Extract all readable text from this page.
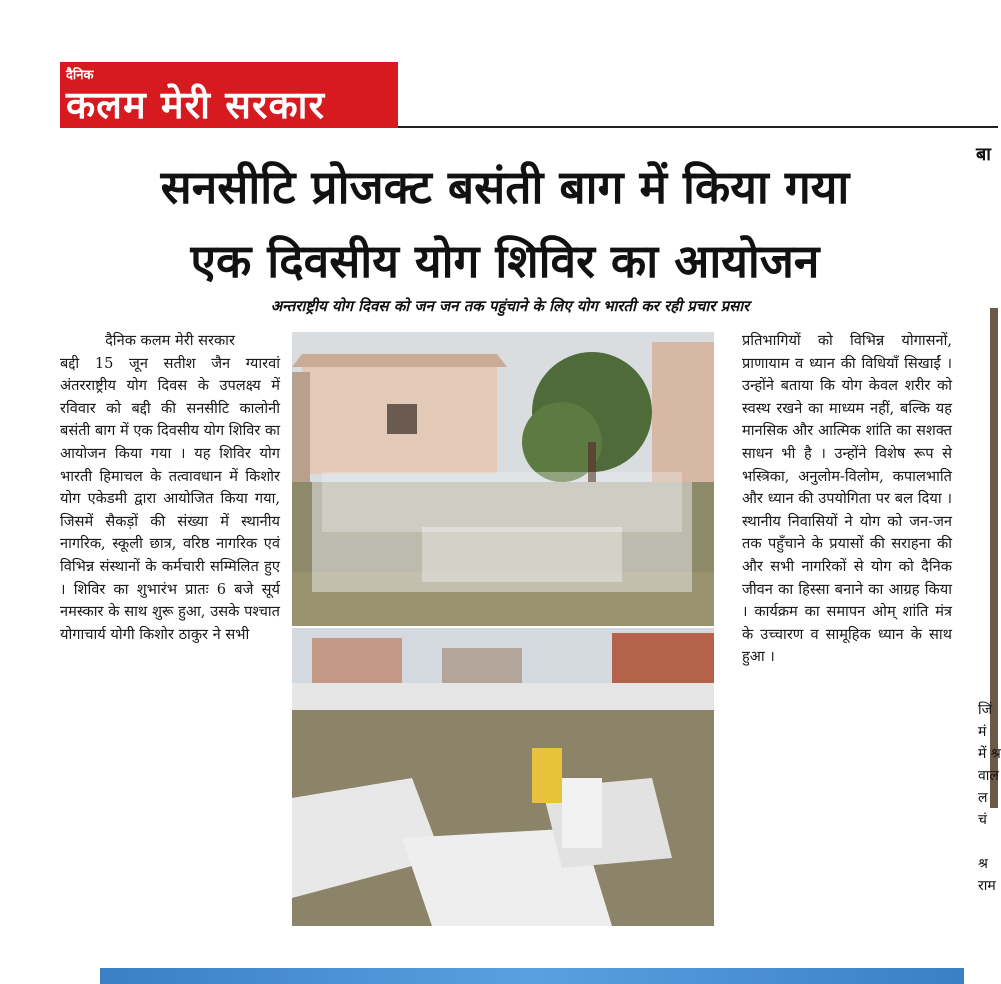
दैनिक
कलम मेरी सरकार
बा
जिं
मं
में श्र
वाल
ल
चं
श्र
राम
सनसीटि प्रोजक्ट बसंती बाग में किया गया
एक दिवसीय योग शिविर का आयोजन
अन्तराष्ट्रीय योग दिवस को जन जन तक पहुंचाने के लिए योग भारती कर रही प्रचार प्रसार
दैनिक कलम मेरी सरकार
बद्दी 15 जून सतीश जैन ग्यारवां अंतरराष्ट्रीय योग दिवस के उपलक्ष्य में रविवार को बद्दी की सनसीटि कालोनी बसंती बाग में एक दिवसीय योग शिविर का आयोजन किया गया । यह शिविर योग भारती हिमाचल के तत्वावधान में किशोर योग एकेडमी द्वारा आयोजित किया गया, जिसमें सैकड़ों की संख्या में स्थानीय नागरिक, स्कूली छात्र, वरिष्ठ नागरिक एवं विभिन्न संस्थानों के कर्मचारी सम्मिलित हुए । शिविर का शुभारंभ प्रातः 6 बजे सूर्य नमस्कार के साथ शुरू हुआ, उसके पश्चात योगाचार्य योगी किशोर ठाकुर ने सभी
प्रतिभागियों को विभिन्न योगासनों, प्राणायाम व ध्यान की विधियाँ सिखाईं । उन्होंने बताया कि योग केवल शरीर को स्वस्थ रखने का माध्यम नहीं, बल्कि यह मानसिक और आत्मिक शांति का सशक्त साधन भी है । उन्होंने विशेष रूप से भस्त्रिका, अनुलोम-विलोम, कपालभाति और ध्यान की उपयोगिता पर बल दिया । स्थानीय निवासियों ने योग को जन-जन तक पहुँचाने के प्रयासों की सराहना की और सभी नागरिकों से योग को दैनिक जीवन का हिस्सा बनाने का आग्रह किया । कार्यक्रम का समापन ओम् शांति मंत्र के उच्चारण व सामूहिक ध्यान के साथ हुआ ।
